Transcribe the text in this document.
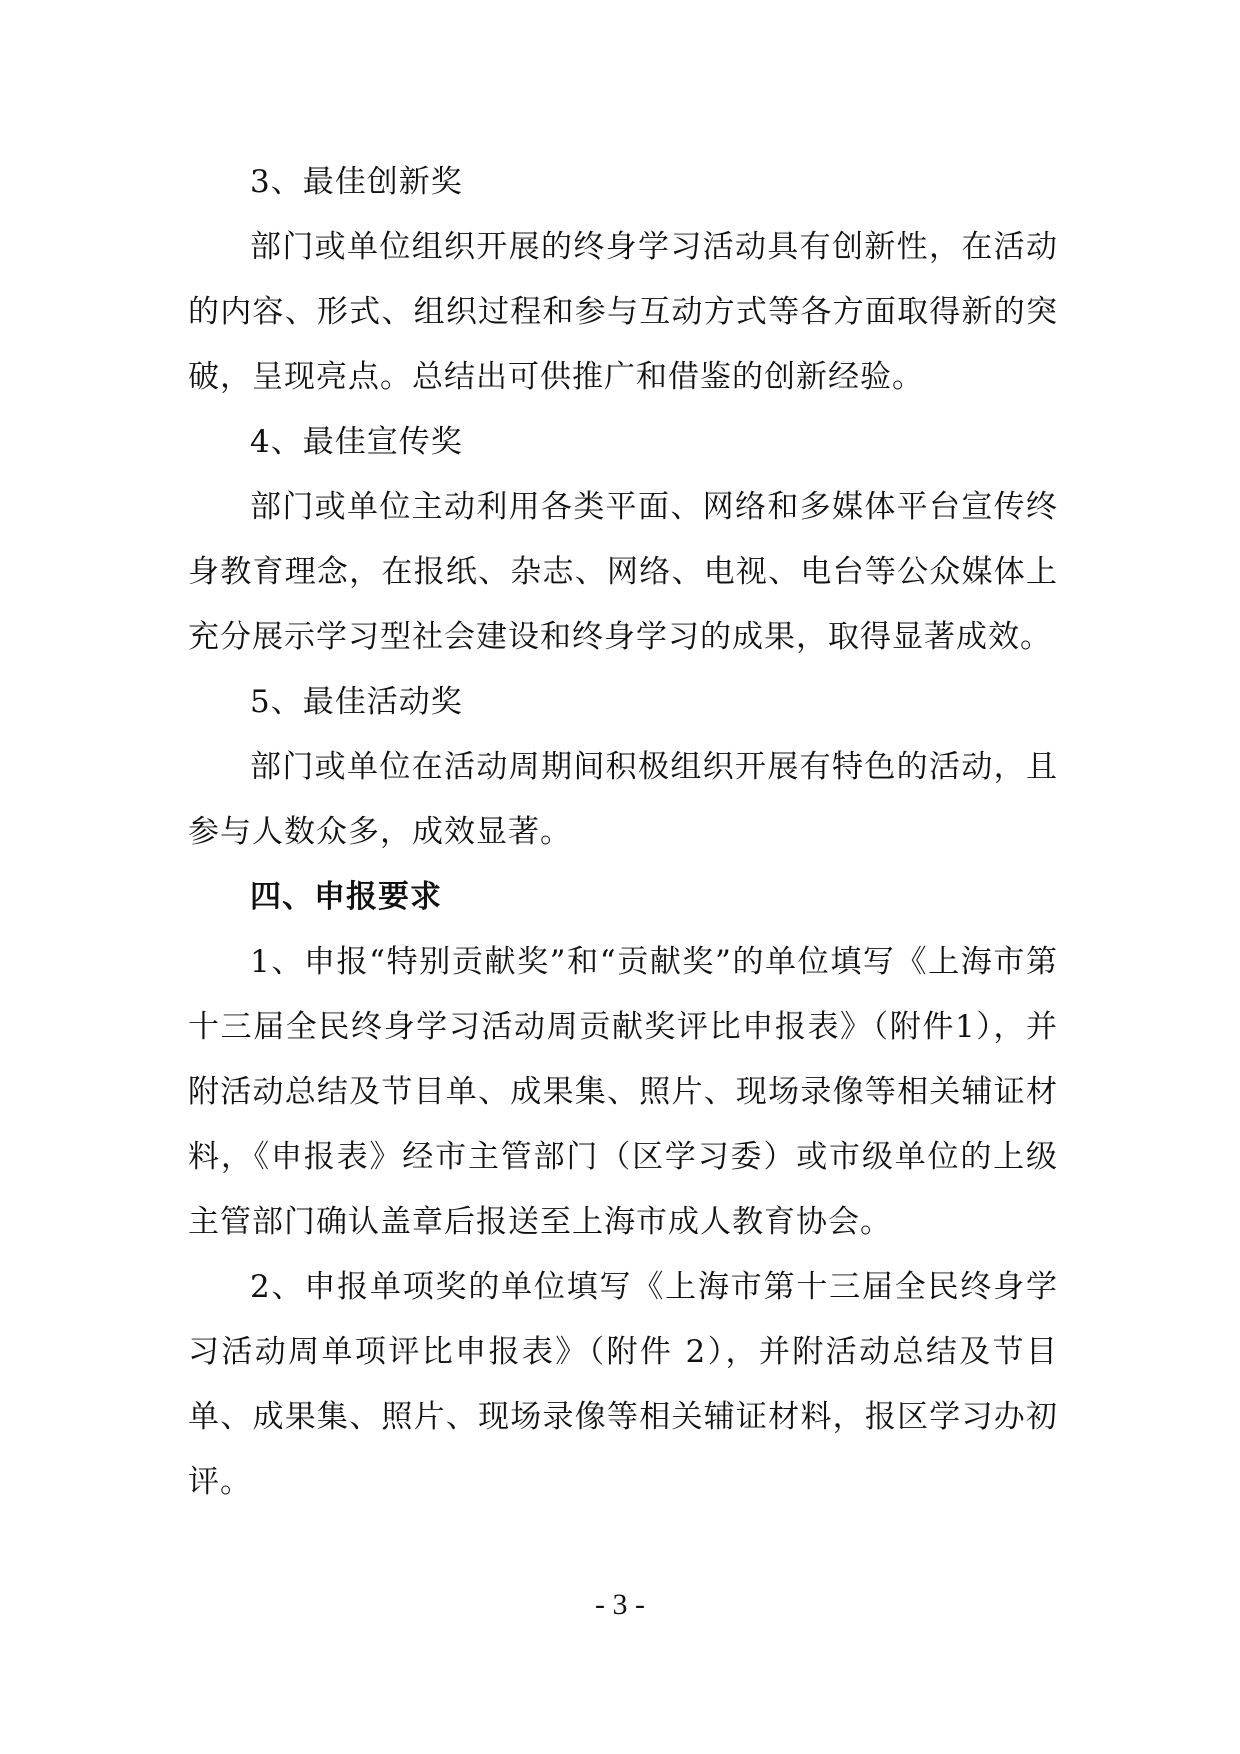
3、最佳创新奖

部门或单位组织开展的终身学习活动具有创新性，在活动的内容、形式、组织过程和参与互动方式等各方面取得新的突破，呈现亮点。总结出可供推广和借鉴的创新经验。

4、最佳宣传奖

部门或单位主动利用各类平面、网络和多媒体平台宣传终身教育理念，在报纸、杂志、网络、电视、电台等公众媒体上充分展示学习型社会建设和终身学习的成果，取得显著成效。

5、最佳活动奖

部门或单位在活动周期间积极组织开展有特色的活动，且参与人数众多，成效显著。

四、申报要求

1、申报“特别贡献奖”和“贡献奖”的单位填写《上海市第十三届全民终身学习活动周贡献奖评比申报表》（附件1），并附活动总结及节目单、成果集、照片、现场录像等相关辅证材料，《申报表》经市主管部门（区学习委）或市级单位的上级主管部门确认盖章后报送至上海市成人教育协会。

2、申报单项奖的单位填写《上海市第十三届全民终身学习活动周单项评比申报表》（附件 2），并附活动总结及节目单、成果集、照片、现场录像等相关辅证材料，报区学习办初评。

- 3 -
